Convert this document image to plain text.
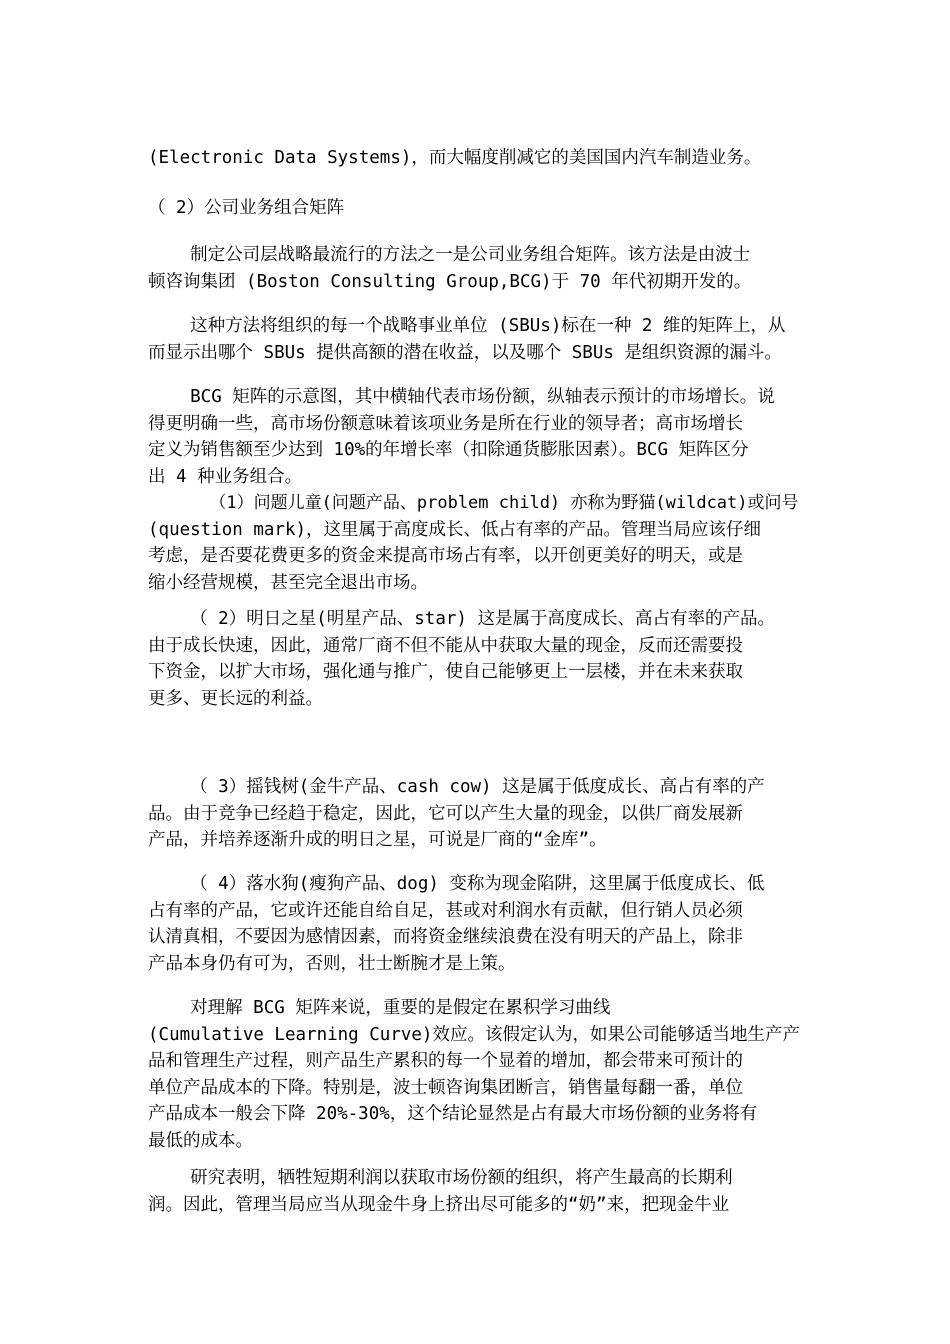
(Electronic Data Systems)，而大幅度削减它的美国国内汽车制造业务。
（ 2）公司业务组合矩阵
制定公司层战略最流行的方法之一是公司业务组合矩阵。该方法是由波士
顿咨询集团 (Boston Consulting Group,BCG)于 70 年代初期开发的。
这种方法将组织的每一个战略事业单位 (SBUs)标在一种 2 维的矩阵上，从
而显示出哪个 SBUs 提供高额的潜在收益，以及哪个 SBUs 是组织资源的漏斗。
BCG 矩阵的示意图，其中横轴代表市场份额，纵轴表示预计的市场增长。说
得更明确一些，高市场份额意味着该项业务是所在行业的领导者；高市场增长
定义为销售额至少达到 10%的年增长率（扣除通货膨胀因素）。BCG 矩阵区分
出 4 种业务组合。
（1）问题儿童(问题产品、problem child) 亦称为野猫(wildcat)或问号
(question mark)，这里属于高度成长、低占有率的产品。管理当局应该仔细
考虑，是否要花费更多的资金来提高市场占有率，以开创更美好的明天，或是
缩小经营规模，甚至完全退出市场。
（ 2）明日之星(明星产品、star) 这是属于高度成长、高占有率的产品。
由于成长快速，因此，通常厂商不但不能从中获取大量的现金，反而还需要投
下资金，以扩大市场，强化通与推广，使自己能够更上一层楼，并在未来获取
更多、更长远的利益。
（ 3）摇钱树(金牛产品、cash cow) 这是属于低度成长、高占有率的产
品。由于竞争已经趋于稳定，因此，它可以产生大量的现金，以供厂商发展新
产品，并培养逐渐升成的明日之星，可说是厂商的“金库”。
（ 4）落水狗(瘦狗产品、dog) 变称为现金陷阱，这里属于低度成长、低
占有率的产品，它或许还能自给自足，甚或对利润水有贡献，但行销人员必须
认清真相，不要因为感情因素，而将资金继续浪费在没有明天的产品上，除非
产品本身仍有可为，否则，壮士断腕才是上策。
对理解 BCG 矩阵来说，重要的是假定在累积学习曲线
(Cumulative Learning Curve)效应。该假定认为，如果公司能够适当地生产产
品和管理生产过程，则产品生产累积的每一个显着的增加，都会带来可预计的
单位产品成本的下降。特别是，波士顿咨询集团断言，销售量每翻一番，单位
产品成本一般会下降 20%-30%，这个结论显然是占有最大市场份额的业务将有
最低的成本。
研究表明，牺牲短期利润以获取市场份额的组织，将产生最高的长期利
润。因此，管理当局应当从现金牛身上挤出尽可能多的“奶”来，把现金牛业
